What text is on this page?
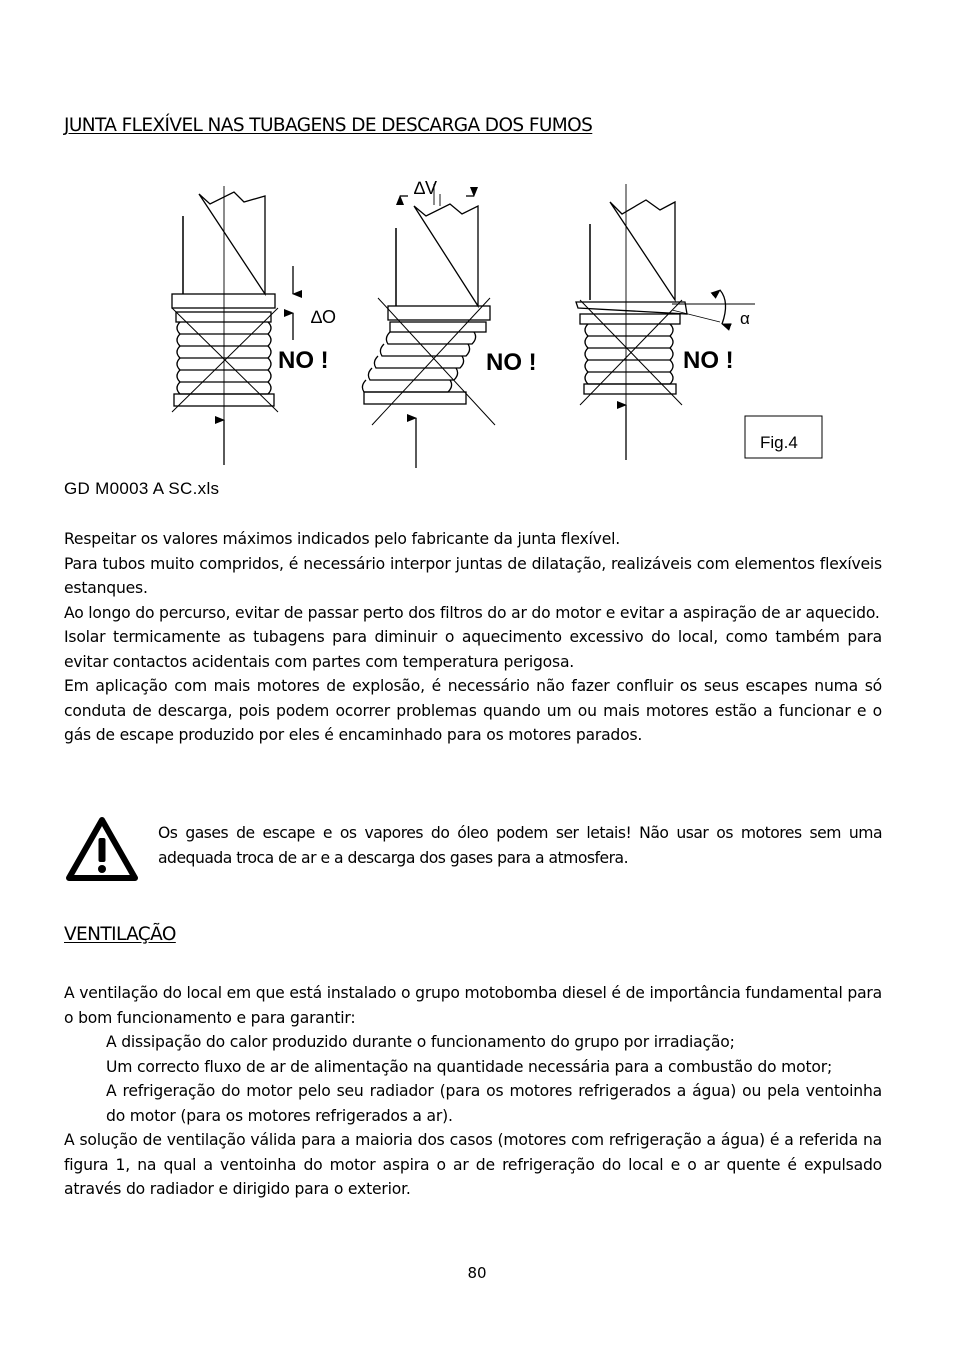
JUNTA FLEXÍVEL NAS TUBAGENS DE DESCARGA DOS FUMOS
∆O
∆V
α
NO !	NO !	NO !
Fig.4
GD M0003 A SC.xls

Respeitar os valores máximos indicados pelo fabricante da junta flexível.

Para tubos muito compridos, é necessário interpor juntas de dilatação, realizáveis com elementos flexíveis estanques.

Ao longo do percurso, evitar de passar perto dos filtros do ar do motor e evitar a aspiração de ar aquecido.

Isolar termicamente as tubagens para diminuir o aquecimento excessivo do local, como também para evitar contactos acidentais com partes com temperatura perigosa.

Em aplicação com mais motores de explosão, é necessário não fazer confluir os seus escapes numa só conduta de descarga, pois podem ocorrer problemas quando um ou mais motores estão a funcionar e o gás de escape produzido por eles é encaminhado para os motores parados.

Os gases de escape e os vapores do óleo podem ser letais! Não usar os motores sem uma adequada troca de ar e a descarga dos gases para a atmosfera.
VENTILAÇÃO

A ventilação do local em que está instalado o grupo motobomba diesel é de importância fundamental para o bom funcionamento e para garantir:

A dissipação do calor produzido durante o funcionamento do grupo por irradiação;

Um correcto fluxo de ar de alimentação na quantidade necessária para a combustão do motor;

A refrigeração do motor pelo seu radiador (para os motores refrigerados a água) ou pela ventoinha do motor (para os motores refrigerados a ar).

A solução de ventilação válida para a maioria dos casos (motores com refrigeração a água) é a referida na figura 1, na qual a ventoinha do motor aspira o ar de refrigeração do local e o ar quente é expulsado através do radiador e dirigido para o exterior.

80
